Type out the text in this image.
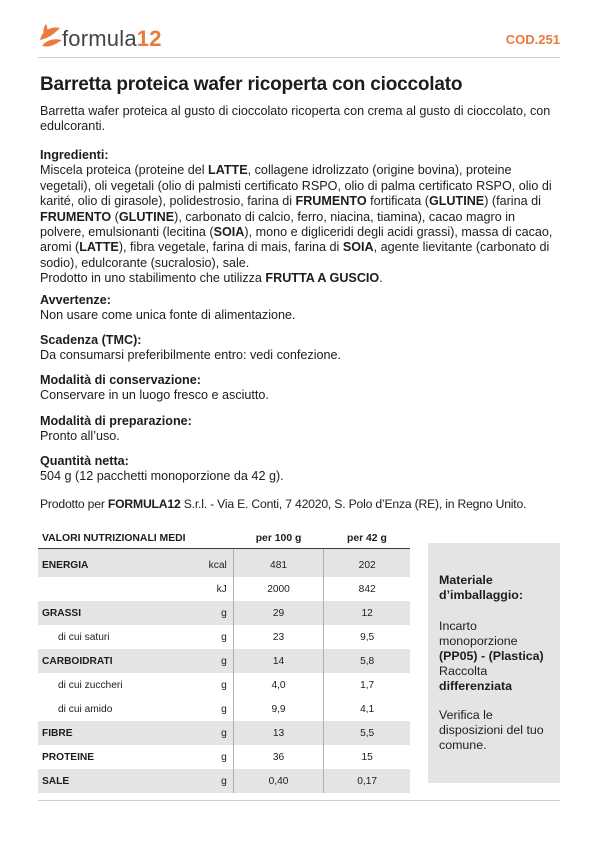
formula12	COD.251
Barretta proteica wafer ricoperta con cioccolato
Barretta wafer proteica al gusto di cioccolato ricoperta con crema al gusto di cioccolato, con edulcoranti.
Ingredienti:

Miscela proteica (proteine del LATTE, collagene idrolizzato (origine bovina), proteine vegetali), oli vegetali (olio di palmisti certificato RSPO, olio di palma certificato RSPO, olio di karité, olio di girasole), polidestrosio, farina di FRUMENTO fortificata (GLUTINE) (farina di FRUMENTO (GLUTINE), carbonato di calcio, ferro, niacina, tiamina), cacao magro in polvere, emulsionanti (lecitina (SOIA), mono e digliceridi degli acidi grassi), massa di cacao, aromi (LATTE), fibra vegetale, farina di mais, farina di SOIA, agente lievitante (carbonato di sodio), edulcorante (sucralosio), sale.
Prodotto in uno stabilimento che utilizza FRUTTA A GUSCIO.

Avvertenze:

Non usare come unica fonte di alimentazione.

Scadenza (TMC):

Da consumarsi preferibilmente entro: vedi confezione.

Modalità di conservazione:

Conservare in un luogo fresco e asciutto.

Modalità di preparazione:

Pronto all’uso.

Quantità netta:

504 g (12 pacchetti monoporzione da 42 g).

Prodotto per FORMULA12 S.r.l. - Via E. Conti, 7 42020, S. Polo d’Enza (RE), in Regno Unito.
VALORI NUTRIZIONALI MEDI		per 100 g	per 42 g
ENERGIA	kcal	481	202
	kJ	2000	842
GRASSI	g	29	12
di cui saturi	g	23	9,5
CARBOIDRATI	g	14	5,8
di cui zuccheri	g	4,0	1,7
di cui amido	g	9,9	4,1
FIBRE	g	13	5,5
PROTEINE	g	36	15
SALE	g	0,40	0,17

Materiale d’imballaggio:

Incarto monoporzione

(PP05) - (Plastica)

Raccolta

differenziata

Verifica le disposizioni del tuo comune.
